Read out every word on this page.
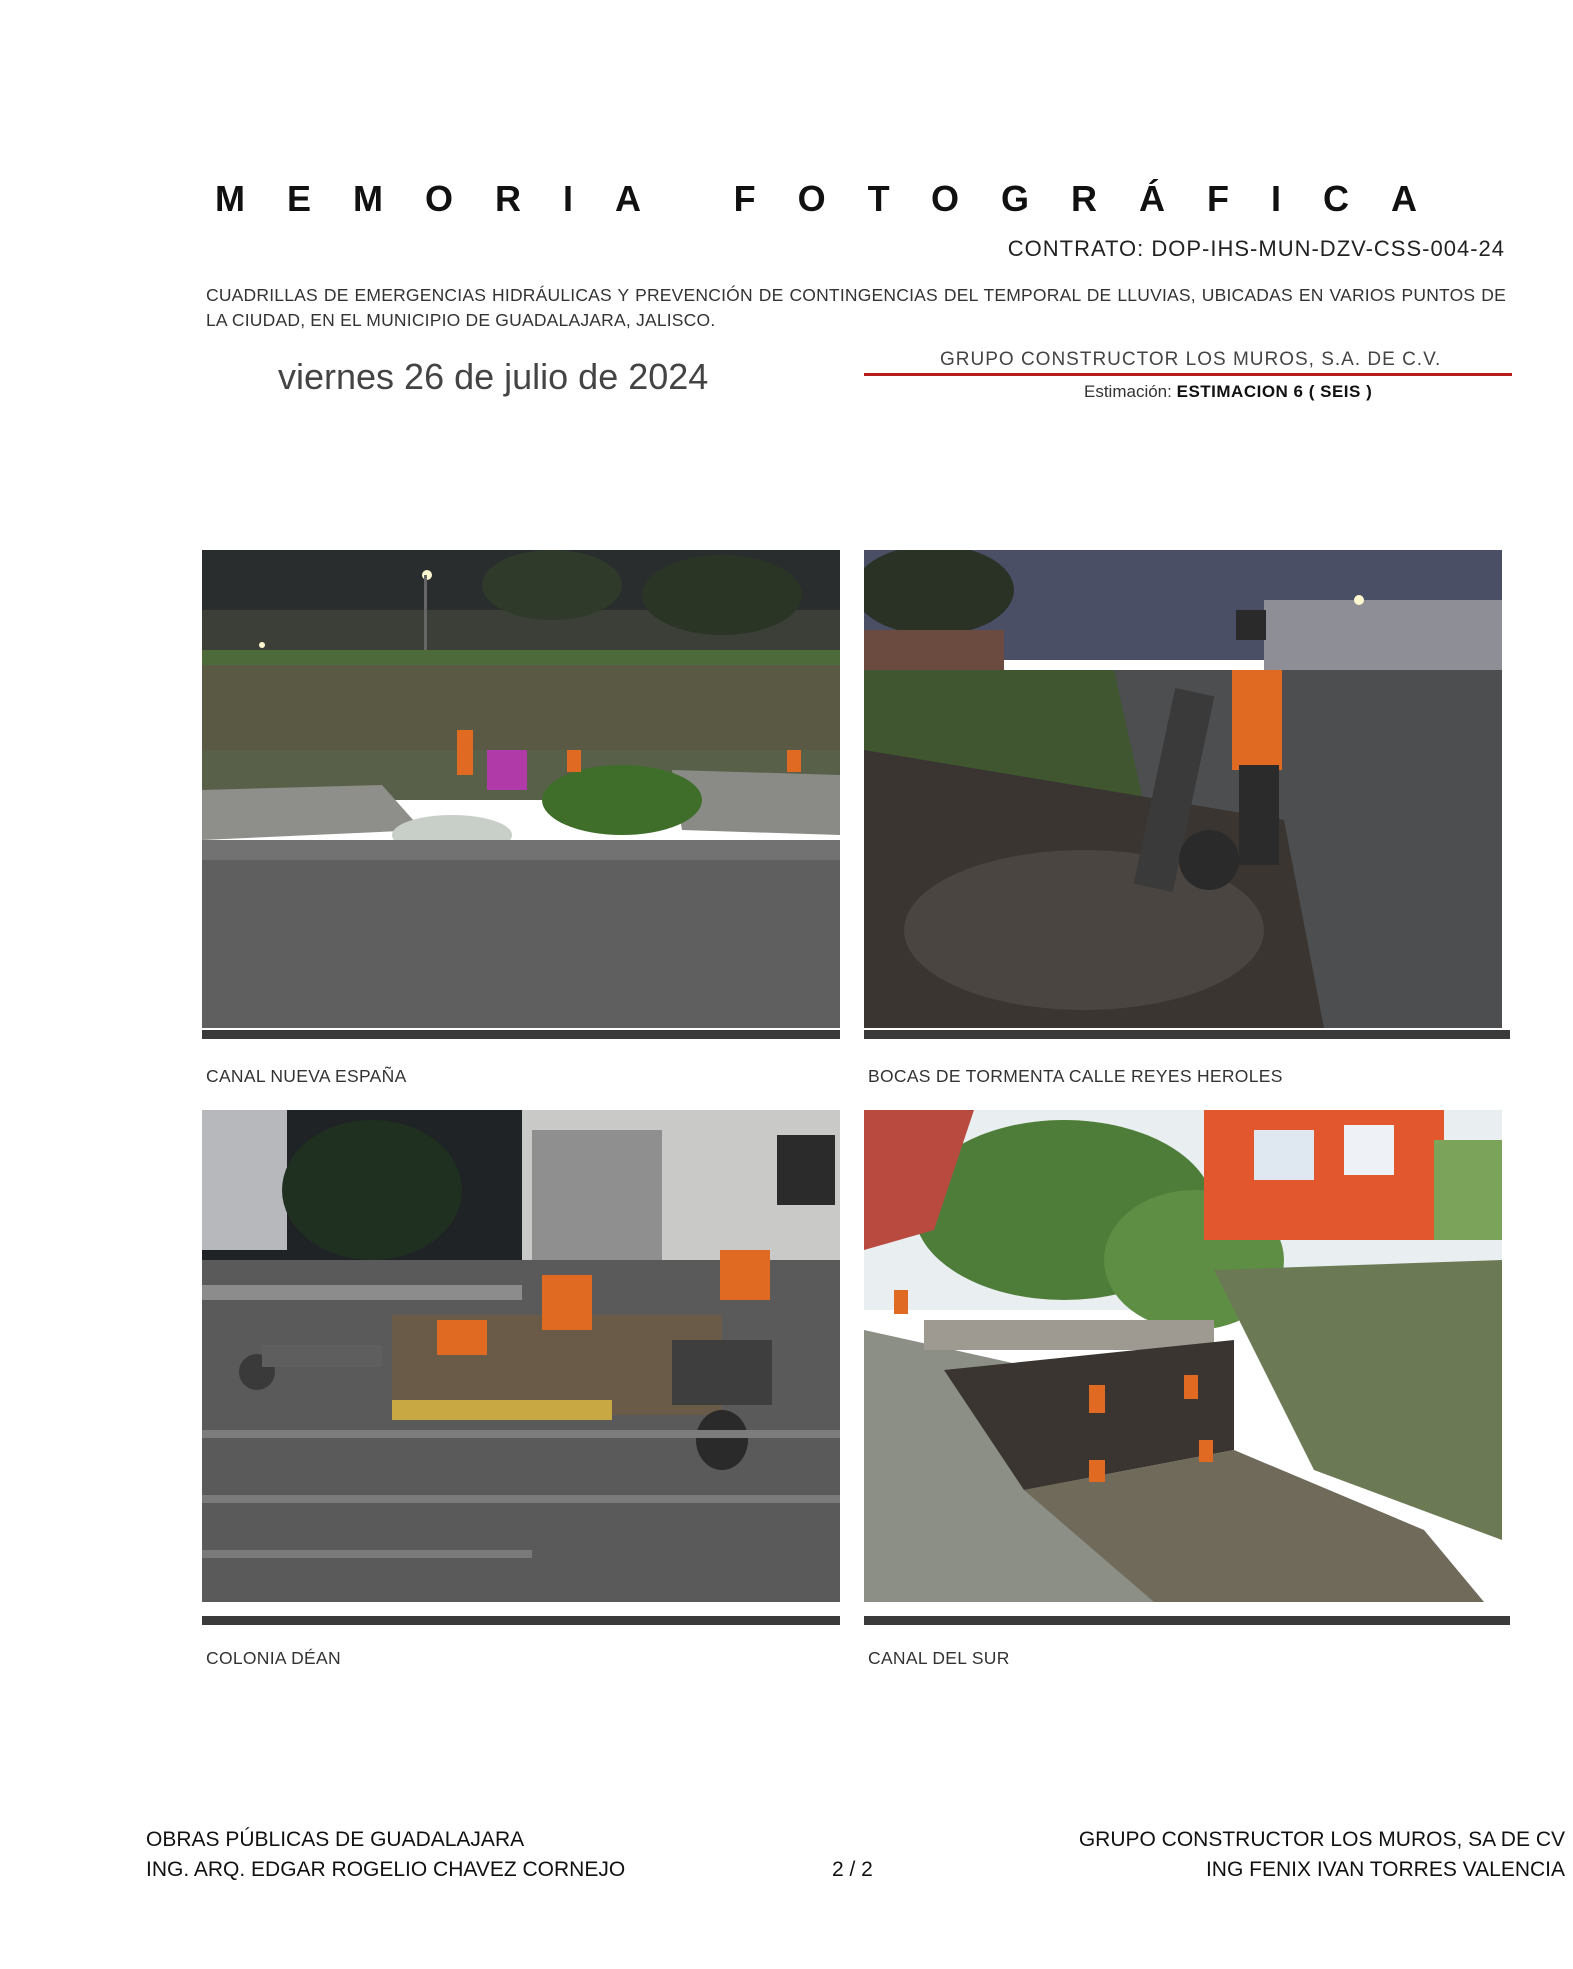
MEMORIA FOTOGRÁFICA
CONTRATO: DOP-IHS-MUN-DZV-CSS-004-24
CUADRILLAS DE EMERGENCIAS HIDRÁULICAS Y PREVENCIÓN DE CONTINGENCIAS DEL TEMPORAL DE LLUVIAS, UBICADAS EN VARIOS PUNTOS DE LA CIUDAD, EN EL MUNICIPIO DE GUADALAJARA, JALISCO.
viernes 26 de julio de 2024	GRUPO CONSTRUCTOR LOS MUROS, S.A. DE C.V.
Estimación: ESTIMACION 6 ( SEIS )
CANAL NUEVA ESPAÑA	BOCAS DE TORMENTA CALLE REYES HEROLES
COLONIA DÉAN	CANAL DEL SUR
OBRAS PÚBLICAS DE GUADALAJARA
ING. ARQ. EDGAR ROGELIO CHAVEZ CORNEJO	2 / 2
GRUPO CONSTRUCTOR LOS MUROS, SA DE CV
ING FENIX IVAN TORRES VALENCIA
